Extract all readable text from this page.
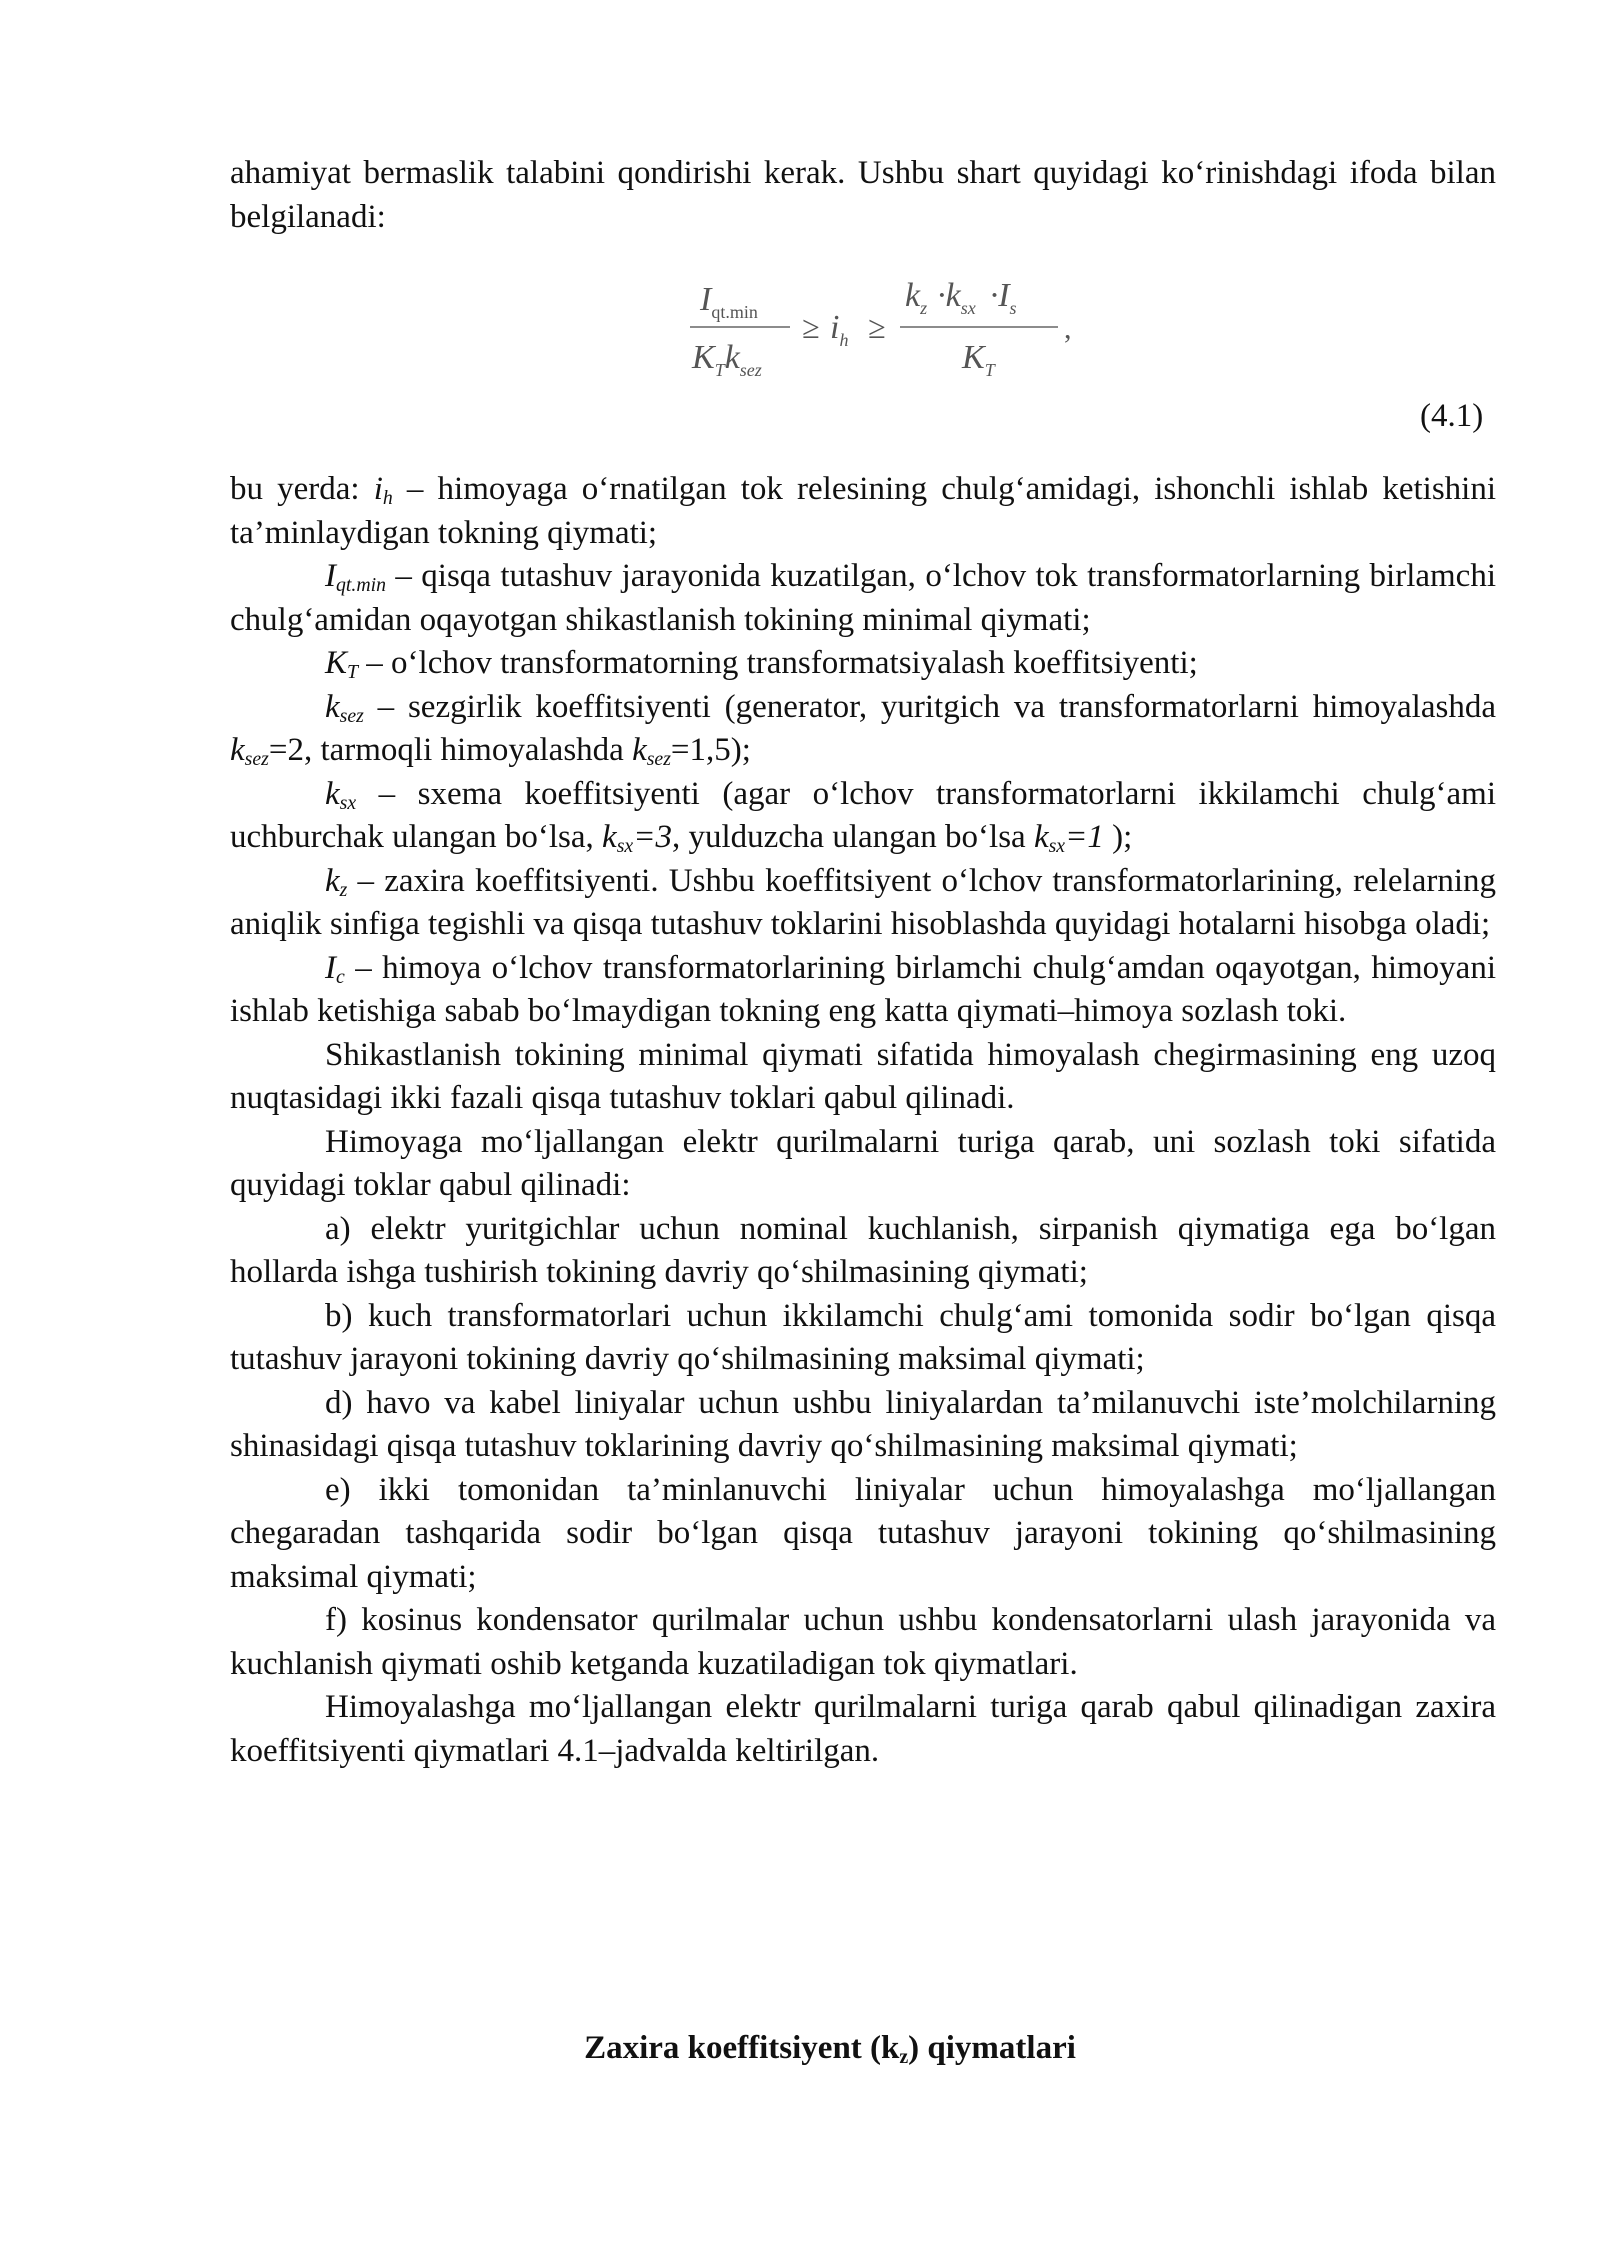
ahamiyat bermaslik talabini qondirishi kerak. Ushbu shart quyidagi ko‘rinishdagi ifoda bilan belgilanadi:

$I_{qt.min}$
$K_Tk_{sez}$
≥ $i_h$ ≥
$k_z \cdot k_{sx} \cdot I_s$
$K_T$
,
(4.1)

bu yerda: $i_h$ – himoyaga o‘rnatilgan tok relesining chulg‘amidagi, ishonchli ishlab ketishini ta’minlaydigan tokning qiymati;

$I_{qt.min}$ – qisqa tutashuv jarayonida kuzatilgan, o‘lchov tok transformatorlarning birlamchi chulg‘amidan oqayotgan shikastlanish tokining minimal qiymati;

$K_T$ – o‘lchov transformatorning transformatsiyalash koeffitsiyenti;

$k_{sez}$ – sezgirlik koeffitsiyenti (generator, yuritgich va transformatorlarni himoyalashda $k_{sez}=2$, tarmoqli himoyalashda $k_{sez}=1,5$);

$k_{sx}$ – sxema koeffitsiyenti (agar o‘lchov transformatorlarni ikkilamchi chulg‘ami uchburchak ulangan bo‘lsa, $k_{sx}=3$, yulduzcha ulangan bo‘lsa $k_{sx}=1$ );

$k_z$ – zaxira koeffitsiyenti. Ushbu koeffitsiyent o‘lchov transformatorlarining, relelarning aniqlik sinfiga tegishli va qisqa tutashuv toklarini hisoblashda quyidagi hotalarni hisobga oladi;

$I_c$ – himoya o‘lchov transformatorlarining birlamchi chulg‘amdan oqayotgan, himoyani ishlab ketishiga sabab bo‘lmaydigan tokning eng katta qiymati–himoya sozlash toki.

Shikastlanish tokining minimal qiymati sifatida himoyalash chegirmasining eng uzoq nuqtasidagi ikki fazali qisqa tutashuv toklari qabul qilinadi.

Himoyaga mo‘ljallangan elektr qurilmalarni turiga qarab, uni sozlash toki sifatida quyidagi toklar qabul qilinadi:

a) elektr yuritgichlar uchun nominal kuchlanish, sirpanish qiymatiga ega bo‘lgan hollarda ishga tushirish tokining davriy qo‘shilmasining qiymati;

b) kuch transformatorlari uchun ikkilamchi chulg‘ami tomonida sodir bo‘lgan qisqa tutashuv jarayoni tokining davriy qo‘shilmasining maksimal qiymati;

d) havo va kabel liniyalar uchun ushbu liniyalardan ta’milanuvchi iste’molchilarning shinasidagi qisqa tutashuv toklarining davriy qo‘shilmasining maksimal qiymati;

e) ikki tomonidan ta’minlanuvchi liniyalar uchun himoyalashga mo‘ljallangan chegaradan tashqarida sodir bo‘lgan qisqa tutashuv jarayoni tokining qo‘shilmasining maksimal qiymati;

f) kosinus kondensator qurilmalar uchun ushbu kondensatorlarni ulash jarayonida va kuchlanish qiymati oshib ketganda kuzatiladigan tok qiymatlari.

Himoyalashga mo‘ljallangan elektr qurilmalarni turiga qarab qabul qilinadigan zaxira koeffitsiyenti qiymatlari 4.1–jadvalda keltirilgan.

Zaxira koeffitsiyent $(k_z)$ qiymatlari
